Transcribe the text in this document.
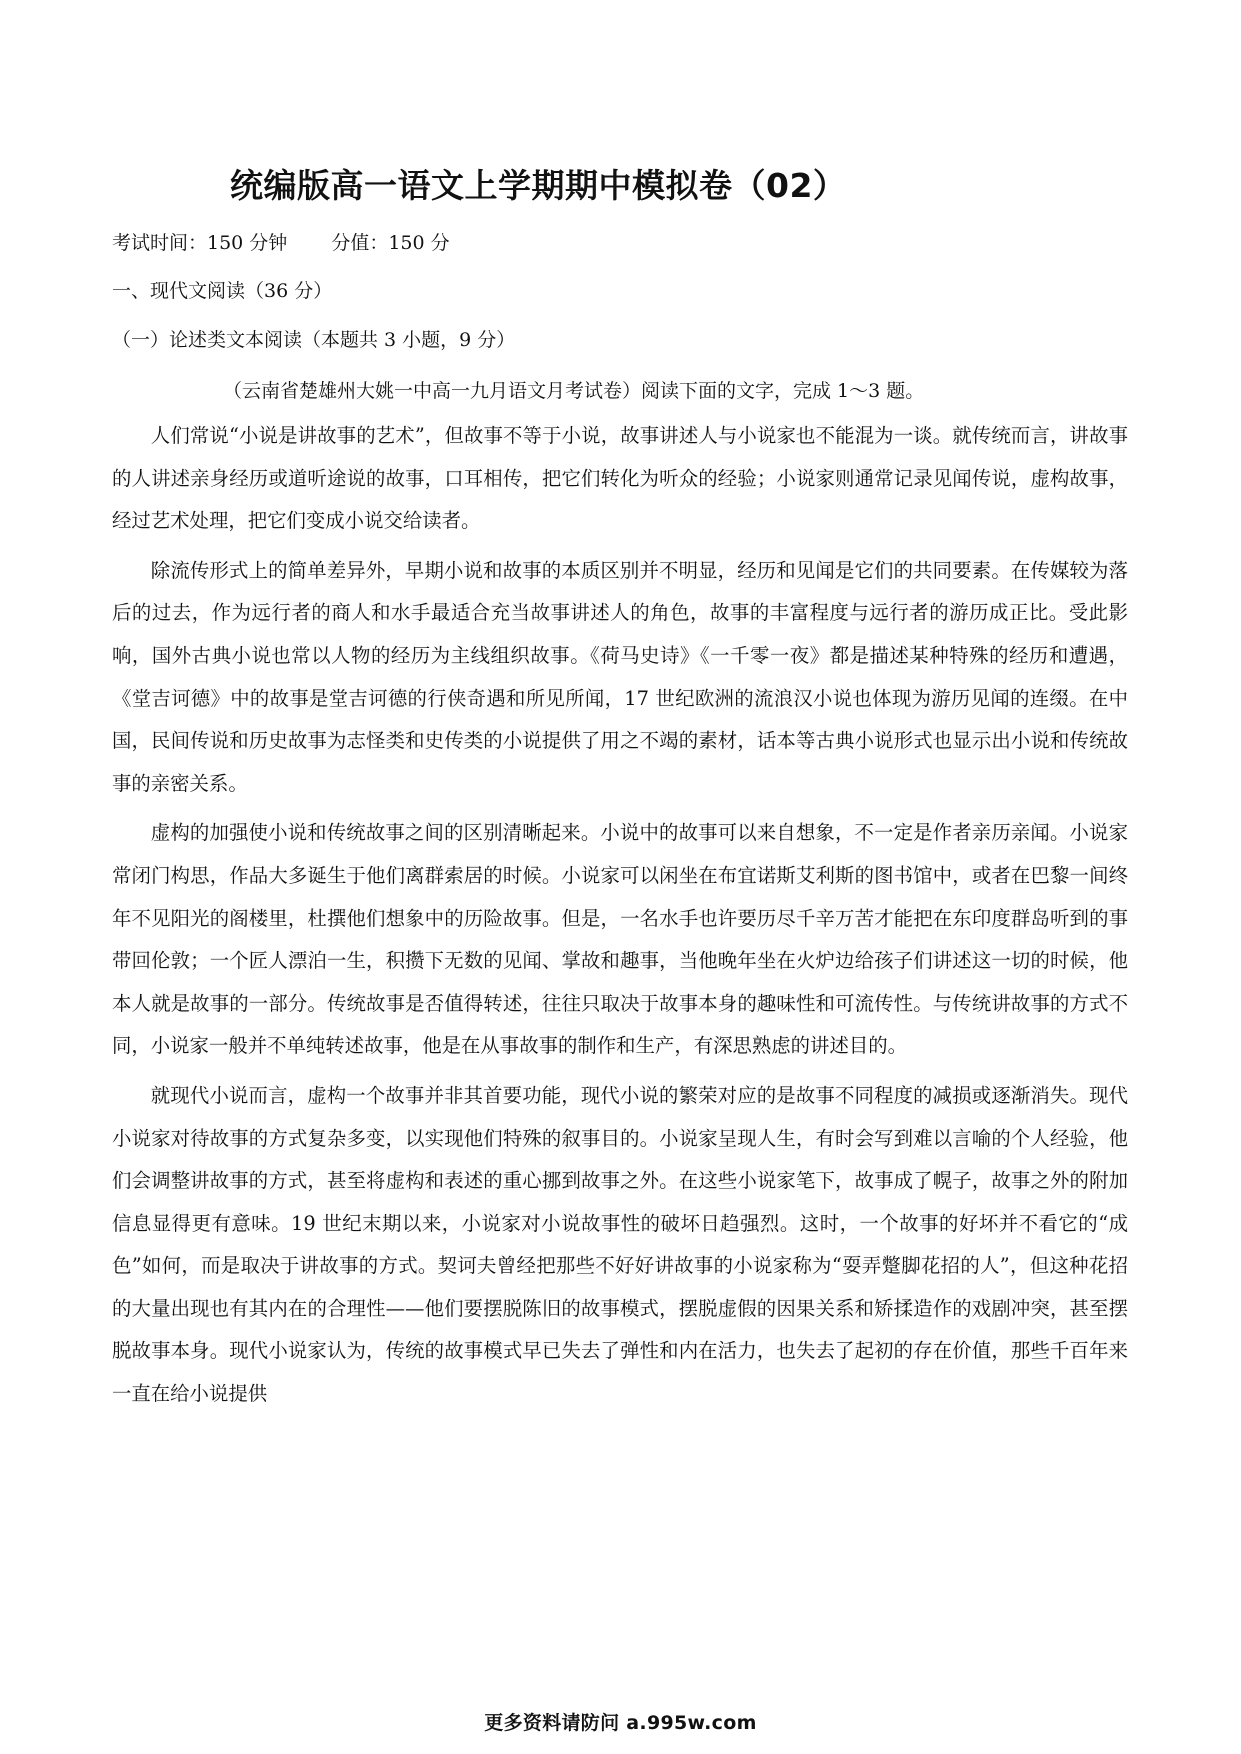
统编版高一语文上学期期中模拟卷（02）
考试时间：150 分钟 分值：150 分
一、现代文阅读（36 分）
（一）论述类文本阅读（本题共 3 小题，9 分）
（云南省楚雄州大姚一中高一九月语文月考试卷）阅读下面的文字，完成 1～3 题。

人们常说“小说是讲故事的艺术”，但故事不等于小说，故事讲述人与小说家也不能混为一谈。就传统而言，讲故事的人讲述亲身经历或道听途说的故事，口耳相传，把它们转化为听众的经验；小说家则通常记录见闻传说，虚构故事，经过艺术处理，把它们变成小说交给读者。

除流传形式上的简单差异外，早期小说和故事的本质区别并不明显，经历和见闻是它们的共同要素。在传媒较为落后的过去，作为远行者的商人和水手最适合充当故事讲述人的角色，故事的丰富程度与远行者的游历成正比。受此影响，国外古典小说也常以人物的经历为主线组织故事。《荷马史诗》《一千零一夜》都是描述某种特殊的经历和遭遇，《堂吉诃德》中的故事是堂吉诃德的行侠奇遇和所见所闻，17 世纪欧洲的流浪汉小说也体现为游历见闻的连缀。在中国，民间传说和历史故事为志怪类和史传类的小说提供了用之不竭的素材，话本等古典小说形式也显示出小说和传统故事的亲密关系。

虚构的加强使小说和传统故事之间的区别清晰起来。小说中的故事可以来自想象，不一定是作者亲历亲闻。小说家常闭门构思，作品大多诞生于他们离群索居的时候。小说家可以闲坐在布宜诺斯艾利斯的图书馆中，或者在巴黎一间终年不见阳光的阁楼里，杜撰他们想象中的历险故事。但是，一名水手也许要历尽千辛万苦才能把在东印度群岛听到的事带回伦敦；一个匠人漂泊一生，积攒下无数的见闻、掌故和趣事，当他晚年坐在火炉边给孩子们讲述这一切的时候，他本人就是故事的一部分。传统故事是否值得转述，往往只取决于故事本身的趣味性和可流传性。与传统讲故事的方式不同，小说家一般并不单纯转述故事，他是在从事故事的制作和生产，有深思熟虑的讲述目的。

就现代小说而言，虚构一个故事并非其首要功能，现代小说的繁荣对应的是故事不同程度的减损或逐渐消失。现代小说家对待故事的方式复杂多变，以实现他们特殊的叙事目的。小说家呈现人生，有时会写到难以言喻的个人经验，他们会调整讲故事的方式，甚至将虚构和表述的重心挪到故事之外。在这些小说家笔下，故事成了幌子，故事之外的附加信息显得更有意味。19 世纪末期以来，小说家对小说故事性的破坏日趋强烈。这时，一个故事的好坏并不看它的“成色”如何，而是取决于讲故事的方式。契诃夫曾经把那些不好好讲故事的小说家称为“耍弄蹩脚花招的人”，但这种花招的大量出现也有其内在的合理性——他们要摆脱陈旧的故事模式，摆脱虚假的因果关系和矫揉造作的戏剧冲突，甚至摆脱故事本身。现代小说家认为，传统的故事模式早已失去了弹性和内在活力，也失去了起初的存在价值，那些千百年来一直在给小说提供

更多资料请防问 a.995w.com
